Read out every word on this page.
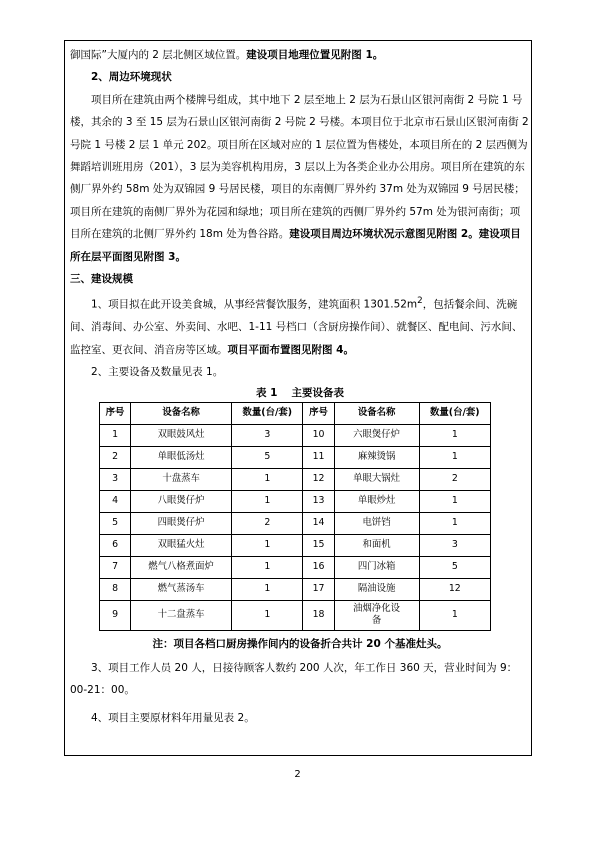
御国际”大厦内的 2 层北侧区域位置。建设项目地理位置见附图 1。

2、周边环境现状

项目所在建筑由两个楼牌号组成，其中地下 2 层至地上 2 层为石景山区银河南街 2 号院 1 号楼，其余的 3 至 15 层为石景山区银河南街 2 号院 2 号楼。本项目位于北京市石景山区银河南街 2 号院 1 号楼 2 层 1 单元 202。项目所在区域对应的 1 层位置为售楼处，本项目所在的 2 层西侧为舞蹈培训班用房（201），3 层为美容机构用房，3 层以上为各类企业办公用房。项目所在建筑的东侧厂界外约 58m 处为双锦园 9 号居民楼，项目的东南侧厂界外约 37m 处为双锦园 9 号居民楼；项目所在建筑的南侧厂界外为花园和绿地；项目所在建筑的西侧厂界外约 57m 处为银河南街；项目所在建筑的北侧厂界外约 18m 处为鲁谷路。建设项目周边环境状况示意图见附图 2。建设项目所在层平面图见附图 3。

三、建设规模

1、项目拟在此开设美食城，从事经营餐饮服务，建筑面积 $1301.52m^2$，包括餐余间、洗碗间、消毒间、办公室、外卖间、水吧、1-11 号档口（含厨房操作间）、就餐区、配电间、污水间、监控室、更衣间、消音房等区域。项目平面布置图见附图 4。

2、主要设备及数量见表 1。

表 1 主要设备表

序号	设备名称	数量(台/套)	序号	设备名称	数量(台/套)
1	双眼鼓风灶	3	10	六眼煲仔炉	1
2	单眼低汤灶	5	11	麻辣烫锅	1
3	十盘蒸车	1	12	单眼大锅灶	2
4	八眼煲仔炉	1	13	单眼炒灶	1
5	四眼煲仔炉	2	14	电饼铛	1
6	双眼猛火灶	1	15	和面机	3
7	燃气八格煮面炉	1	16	四门冰箱	5
8	燃气蒸汤车	1	17	隔油设施	12
9	十二盘蒸车	1	18	油烟净化设备	1

注：项目各档口厨房操作间内的设备折合共计 20 个基准灶头。

3、项目工作人员 20 人，日接待顾客人数约 200 人次，年工作日 360 天，营业时间为 9：00-21：00。

4、项目主要原材料年用量见表 2。

2
